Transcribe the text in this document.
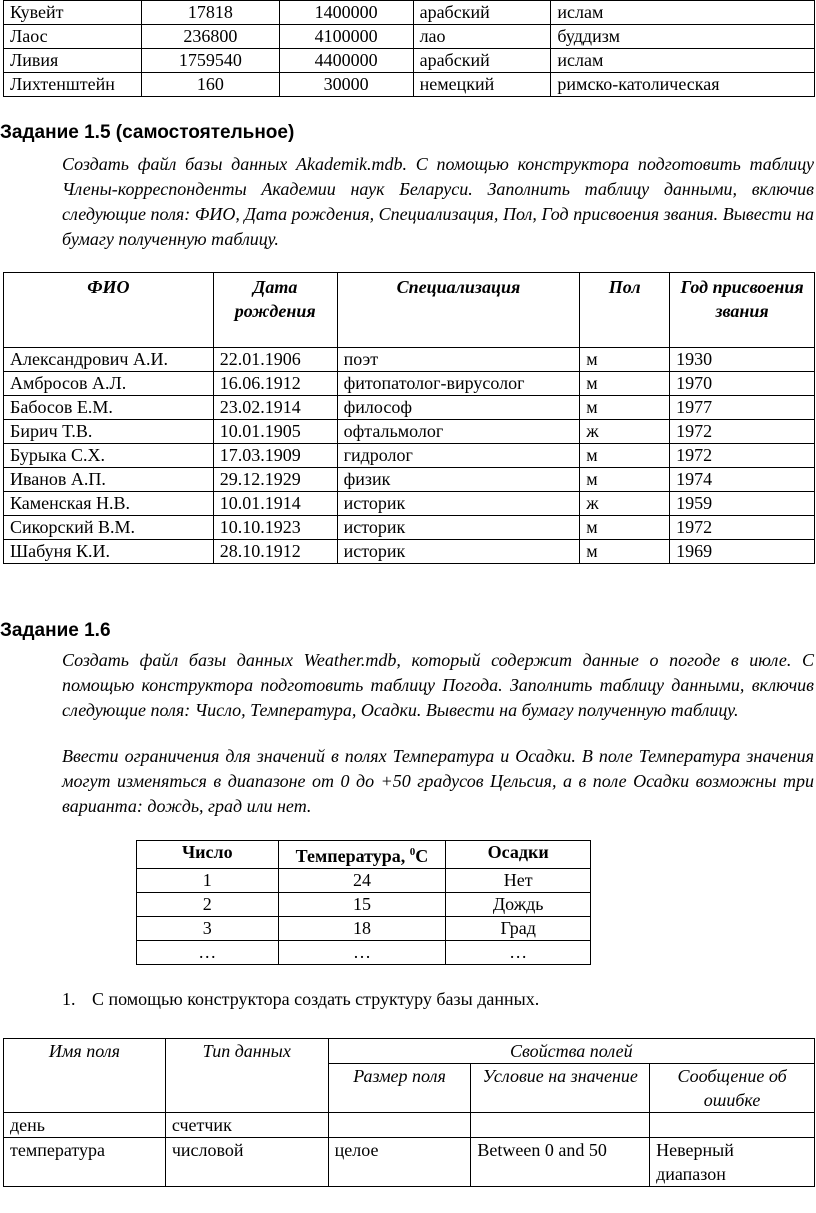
Кувейт	17818	1400000	арабский	ислам
Лаос	236800	4100000	лао	буддизм
Ливия	1759540	4400000	арабский	ислам
Лихтенштейн	160	30000	немецкий	римско-католическая
Задание 1.5 (самостоятельное)

Создать файл базы данных Akademik.mdb. С помощью конструктора подготовить таблицу Члены-корреспонденты Академии наук Беларуси. Заполнить таблицу данными, включив следующие поля: ФИО, Дата рождения, Специализация, Пол, Год присвоения звания. Вывести на бумагу полученную таблицу.

ФИО	Дата рождения	Специализация	Пол	Год присвоения звания
Александрович А.И.	22.01.1906	поэт	м	1930
Амбросов А.Л.	16.06.1912	фитопатолог-вирусолог	м	1970
Бабосов Е.М.	23.02.1914	философ	м	1977
Бирич Т.В.	10.01.1905	офтальмолог	ж	1972
Бурыка С.Х.	17.03.1909	гидролог	м	1972
Иванов А.П.	29.12.1929	физик	м	1974
Каменская Н.В.	10.01.1914	историк	ж	1959
Сикорский В.М.	10.10.1923	историк	м	1972
Шабуня К.И.	28.10.1912	историк	м	1969
Задание 1.6

Создать файл базы данных Weather.mdb, который содержит данные о погоде в июле. С помощью конструктора подготовить таблицу Погода. Заполнить таблицу данными, включив следующие поля: Число, Температура, Осадки. Вывести на бумагу полученную таблицу.

Ввести ограничения для значений в полях Температура и Осадки. В поле Температура значения могут изменяться в диапазоне от 0 до +50 градусов Цельсия, а в поле Осадки возможны три варианта: дождь, град или нет.

Число	Температура, $^0$С	Осадки
1	24	Нет
2	15	Дождь
3	18	Град
…	…	…
1. С помощью конструктора создать структуру базы данных.
Имя поля	Тип данных	Свойства полей		
		Размер поля	Условие на значение	Сообщение об ошибке
день	счетчик			
температура	числовой	целое	Between 0 and 50	Неверный диапазон
